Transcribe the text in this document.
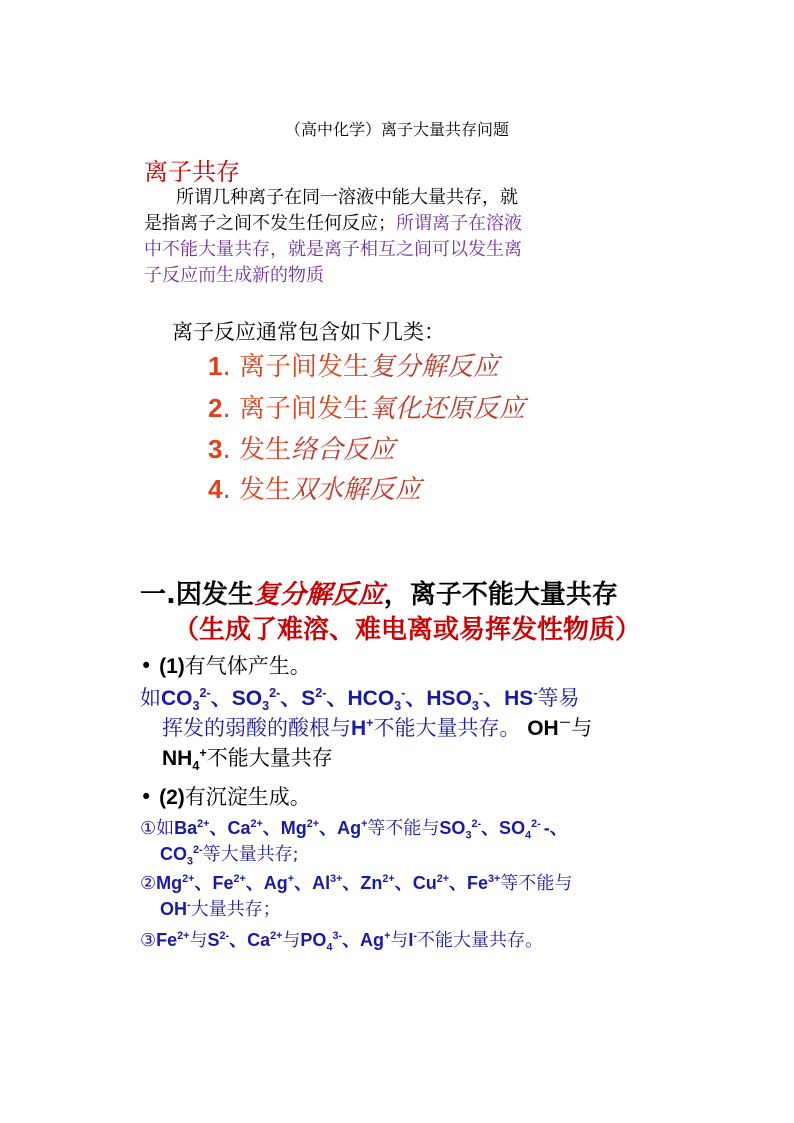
（高中化学）离子大量共存问题
离子共存
所谓几种离子在同一溶液中能大量共存，就
是指离子之间不发生任何反应；所谓离子在溶液
中不能大量共存，就是离子相互之间可以发生离
子反应而生成新的物质
离子反应通常包含如下几类：
1. 离子间发生复分解反应
2. 离子间发生氧化还原反应
3. 发生络合反应
4. 发生双水解反应
一.因发生复分解反应，离子不能大量共存
（生成了难溶、难电离或易挥发性物质）
• (1)有气体产生。
如$CO_3^{2-}$、$SO_3^{2-}$、$S^{2-}$、$HCO_3^-$、$HSO_3^-$、HS-等易
挥发的弱酸的酸根与H+不能大量共存。 OH－与
$NH_4^+$不能大量共存
• (2)有沉淀生成。
①如$Ba^{2+}$、$Ca^{2+}$、$Mg^{2+}$、Ag+等不能与$SO_3^{2-}$、$SO_4^{2-}$ -、
$CO_3^{2-}$等大量共存;
$②Mg^{2+}$、$Fe^{2+}$、Ag+、$Al^{3+}$、$Zn^{2+}$、$Cu^{2+}$、$Fe^{3+}$等不能与
OH-大量共存；
$③Fe^{2+}$与$S^{2-}$、$Ca^{2+}$与$PO_4^{3-}$、Ag+与I-不能大量共存。
